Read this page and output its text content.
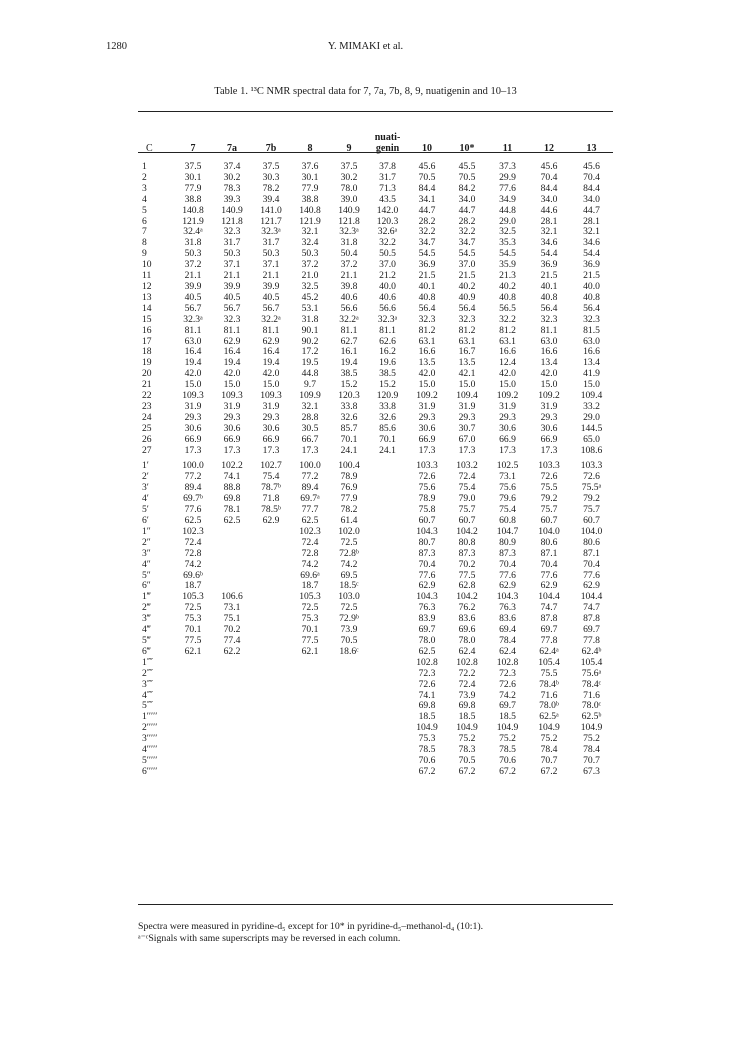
1280	Y. MIMAKI et al.
Table 1. ¹³C NMR spectral data for 7, 7a, 7b, 8, 9, nuatigenin and 10–13
C	7	7a	7b	8	9	nuati-
genin	10	10*	11	12	13

1	37.5	37.4	37.5	37.6	37.5	37.8	45.6	45.5	37.3	45.6	45.6
2	30.1	30.2	30.3	30.1	30.2	31.7	70.5	70.5	29.9	70.4	70.4
3	77.9	78.3	78.2	77.9	78.0	71.3	84.4	84.2	77.6	84.4	84.4
4	38.8	39.3	39.4	38.8	39.0	43.5	34.1	34.0	34.9	34.0	34.0
5	140.8	140.9	141.0	140.8	140.9	142.0	44.7	44.7	44.8	44.6	44.7
6	121.9	121.8	121.7	121.9	121.8	120.3	28.2	28.2	29.0	28.1	28.1
7	32.4ᵃ	32.3	32.3ᵃ	32.1	32.3ᵃ	32.6ᵃ	32.2	32.2	32.5	32.1	32.1
8	31.8	31.7	31.7	32.4	31.8	32.2	34.7	34.7	35.3	34.6	34.6
9	50.3	50.3	50.3	50.3	50.4	50.5	54.5	54.5	54.5	54.4	54.4
10	37.2	37.1	37.1	37.2	37.2	37.0	36.9	37.0	35.9	36.9	36.9
11	21.1	21.1	21.1	21.0	21.1	21.2	21.5	21.5	21.3	21.5	21.5
12	39.9	39.9	39.9	32.5	39.8	40.0	40.1	40.2	40.2	40.1	40.0
13	40.5	40.5	40.5	45.2	40.6	40.6	40.8	40.9	40.8	40.8	40.8
14	56.7	56.7	56.7	53.1	56.6	56.6	56.4	56.4	56.5	56.4	56.4
15	32.3ᵃ	32.3	32.2ᵃ	31.8	32.2ᵃ	32.3ᵃ	32.3	32.3	32.2	32.3	32.3
16	81.1	81.1	81.1	90.1	81.1	81.1	81.2	81.2	81.2	81.1	81.5
17	63.0	62.9	62.9	90.2	62.7	62.6	63.1	63.1	63.1	63.0	63.0
18	16.4	16.4	16.4	17.2	16.1	16.2	16.6	16.7	16.6	16.6	16.6
19	19.4	19.4	19.4	19.5	19.4	19.6	13.5	13.5	12.4	13.4	13.4
20	42.0	42.0	42.0	44.8	38.5	38.5	42.0	42.1	42.0	42.0	41.9
21	15.0	15.0	15.0	9.7	15.2	15.2	15.0	15.0	15.0	15.0	15.0
22	109.3	109.3	109.3	109.9	120.3	120.9	109.2	109.4	109.2	109.2	109.4
23	31.9	31.9	31.9	32.1	33.8	33.8	31.9	31.9	31.9	31.9	33.2
24	29.3	29.3	29.3	28.8	32.6	32.6	29.3	29.3	29.3	29.3	29.0
25	30.6	30.6	30.6	30.5	85.7	85.6	30.6	30.7	30.6	30.6	144.5
26	66.9	66.9	66.9	66.7	70.1	70.1	66.9	67.0	66.9	66.9	65.0
27	17.3	17.3	17.3	17.3	24.1	24.1	17.3	17.3	17.3	17.3	108.6

1′	100.0	102.2	102.7	100.0	100.4		103.3	103.2	102.5	103.3	103.3
2′	77.2	74.1	75.4	77.2	78.9		72.6	72.4	73.1	72.6	72.6
3′	89.4	88.8	78.7ᵇ	89.4	76.9		75.6	75.4	75.6	75.5	75.5ᵃ
4′	69.7ᵇ	69.8	71.8	69.7ᵃ	77.9		78.9	79.0	79.6	79.2	79.2
5′	77.6	78.1	78.5ᵇ	77.7	78.2		75.8	75.7	75.4	75.7	75.7
6′	62.5	62.5	62.9	62.5	61.4		60.7	60.7	60.8	60.7	60.7
1″	102.3			102.3	102.0		104.3	104.2	104.7	104.0	104.0
2″	72.4			72.4	72.5		80.7	80.8	80.9	80.6	80.6
3″	72.8			72.8	72.8ᵇ		87.3	87.3	87.3	87.1	87.1
4″	74.2			74.2	74.2		70.4	70.2	70.4	70.4	70.4
5″	69.6ᵇ			69.6ᵃ	69.5		77.6	77.5	77.6	77.6	77.6
6″	18.7			18.7	18.5ᶜ		62.9	62.8	62.9	62.9	62.9
1‴	105.3	106.6		105.3	103.0		104.3	104.2	104.3	104.4	104.4
2‴	72.5	73.1		72.5	72.5		76.3	76.2	76.3	74.7	74.7
3‴	75.3	75.1		75.3	72.9ᵇ		83.9	83.6	83.6	87.8	87.8
4‴	70.1	70.2		70.1	73.9		69.7	69.6	69.4	69.7	69.7
5‴	77.5	77.4		77.5	70.5		78.0	78.0	78.4	77.8	77.8
6‴	62.1	62.2		62.1	18.6ᶜ		62.5	62.4	62.4	62.4ᵃ	62.4ᵇ
1⁗							102.8	102.8	102.8	105.4	105.4
2⁗							72.3	72.2	72.3	75.5	75.6ᵃ
3⁗							72.6	72.4	72.6	78.4ᵇ	78.4ᶜ
4⁗							74.1	73.9	74.2	71.6	71.6
5⁗							69.8	69.8	69.7	78.0ᵇ	78.0ᶜ
1′′′′′							18.5	18.5	18.5	62.5ᵃ	62.5ᵇ
2′′′′′							104.9	104.9	104.9	104.9	104.9
3′′′′′							75.3	75.2	75.2	75.2	75.2
4′′′′′							78.5	78.3	78.5	78.4	78.4
5′′′′′							70.6	70.5	70.6	70.7	70.7
6′′′′′							67.2	67.2	67.2	67.2	67.3
Spectra were measured in pyridine-d₅ except for 10* in pyridine-d₅–methanol-d₄ (10:1).
ᵃ⁻ᶜSignals with same superscripts may be reversed in each column.
